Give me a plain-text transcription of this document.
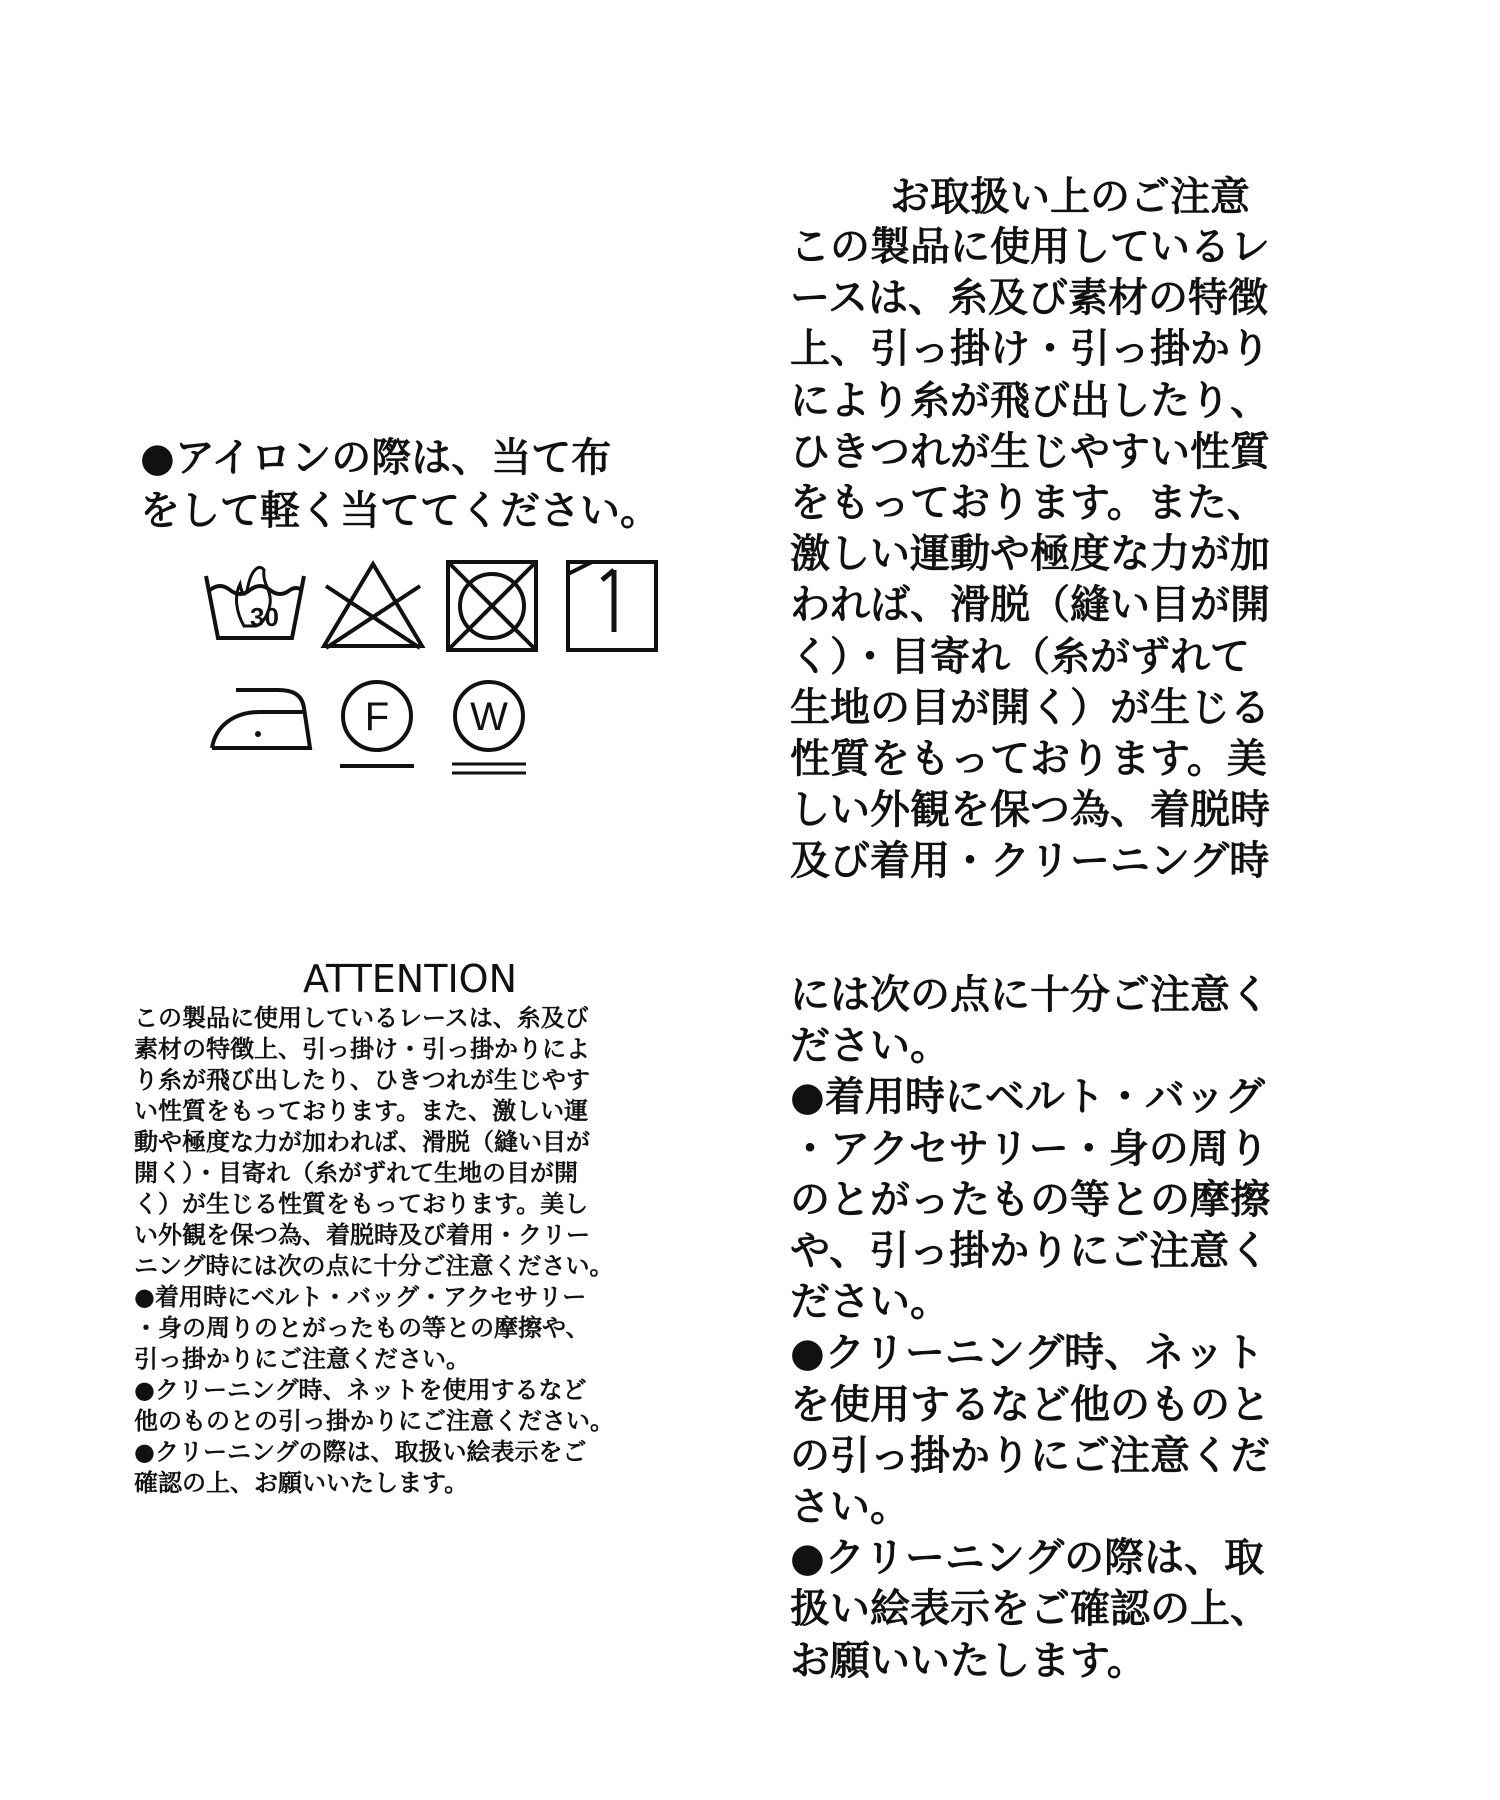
●アイロンの際は、当て布
をして軽く当ててください。
30
F W
お取扱い上のご注意
この製品に使用しているレ
ースは、糸及び素材の特徴
上、引っ掛け・引っ掛かり
により糸が飛び出したり、
ひきつれが生じやすい性質
をもっております。また、
激しい運動や極度な力が加
われば、滑脱（縫い目が開
く）・目寄れ（糸がずれて
生地の目が開く）が生じる
性質をもっております。美
しい外観を保つ為、着脱時
及び着用・クリーニング時
には次の点に十分ご注意く
ださい。
●着用時にベルト・バッグ
・アクセサリー・身の周り
のとがったもの等との摩擦
や、引っ掛かりにご注意く
ださい。
●クリーニング時、ネット
を使用するなど他のものと
の引っ掛かりにご注意くだ
さい。
●クリーニングの際は、取
扱い絵表示をご確認の上、
お願いいたします。
ATTENTION
この製品に使用しているレースは、糸及び
素材の特徴上、引っ掛け・引っ掛かりによ
り糸が飛び出したり、ひきつれが生じやす
い性質をもっております。また、激しい運
動や極度な力が加われば、滑脱（縫い目が
開く）・目寄れ（糸がずれて生地の目が開
く）が生じる性質をもっております。美し
い外観を保つ為、着脱時及び着用・クリー
ニング時には次の点に十分ご注意ください。
●着用時にベルト・バッグ・アクセサリー
・身の周りのとがったもの等との摩擦や、
引っ掛かりにご注意ください。
●クリーニング時、ネットを使用するなど
他のものとの引っ掛かりにご注意ください。
●クリーニングの際は、取扱い絵表示をご
確認の上、お願いいたします。
